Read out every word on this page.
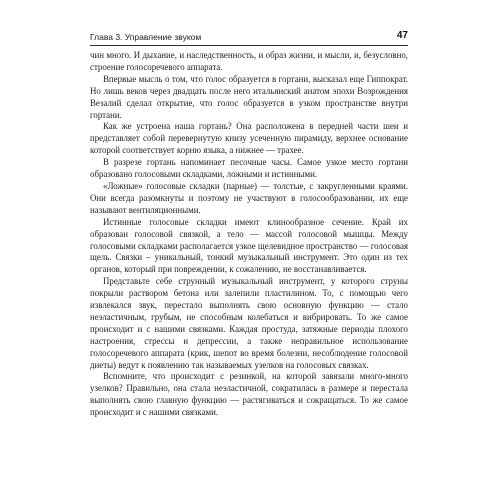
Глава 3. Управление звуком	47

чин много. И дыхание, и наследственность, и образ жизни, и мысли, и, безусловно, строение голосоречевого аппарата.

Впервые мысль о том, что голос образуется в гортани, высказал еще Гиппократ. Но лишь веков через двадцать после него итальянский анатом эпохи Возрождения Везалий сделал открытие, что голос образуется в узком пространстве внутри гортани.

Как же устроена наша гортань? Она расположена в передней части шеи и представляет собой перевернутую книзу усеченную пирамиду, верхнее основание которой соответствует корню языка, а нижнее — трахее.

В разрезе гортань напоминает песочные часы. Самое узкое место гортани образовано голосовыми складками, ложными и истинными.

«Ложные» голосовые складки (парные) — толстые, с закругленными краями. Они всегда разомкнуты и поэтому не участвуют в голосообразовании, их еще называют вентиляционными.

Истинные голосовые складки имеют клинообразное сечение. Край их образован голосовой связкой, а тело — массой голосовой мышцы. Между голосовыми складками располагается узкое щелевидное пространство — голосовая щель. Связки – уникальный, тонкий музыкальный инструмент. Это один из тех органов, который при повреждении, к сожалению, не восстанавливается.

Представьте себе струнный музыкальный инструмент, у которого струны покрыли раствором бетона или залепили пластилином. То, с помощью чего извлекался звук, перестало выполнять свою основную функцию — стало неэластичным, грубым, не способным колебаться и вибрировать. То же самое происходит и с нашими связками. Каждая простуда, затяжные периоды плохого настроения, стрессы и депрессии, а также неправильное использование голосоречевого аппарата (крик, шепот во время болезни, несоблюдение голосовой диеты) ведут к появлению так называемых узелков на голосовых связках.

Вспомните, что происходит с резинкой, на которой завязали много-много узелков? Правильно, она стала неэластичной, сократилась в размере и перестала выполнять свою главную функцию — растягиваться и сокращаться. То же самое происходит и с нашими связками.
